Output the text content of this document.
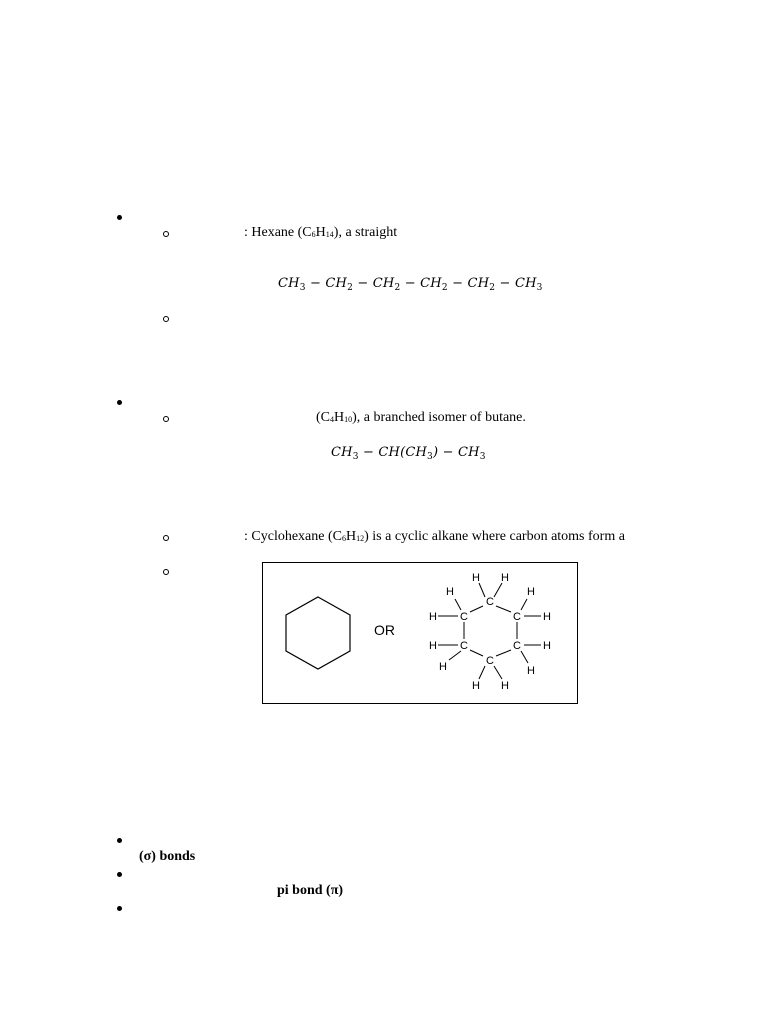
: Hexane (C6H14), a straight
$CH_3 - CH_2 - CH_2 - CH_2 - CH_2 - CH_3$
(C4H10), a branched isomer of butane.
$CH_3 - CH(CH_3) - CH_3$
: Cyclohexane (C6H12) is a cyclic alkane where carbon atoms form a
OR
C
C	C
C	C
C
H H
H	H
H	H
H	H
H	H
H H
(σ) bonds
pi bond (π)
